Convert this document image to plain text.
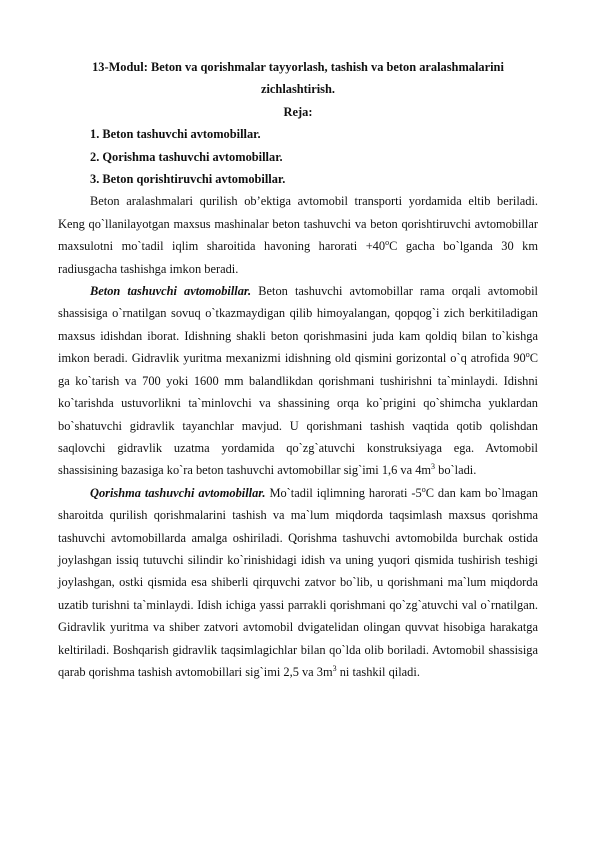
13-Modul: Beton va qorishmalar tayyorlash, tashish va beton aralashmalarini zichlashtirish.

Reja:

1. Beton tashuvchi avtomobillar.

2. Qorishma tashuvchi avtomobillar.

3. Beton qorishtiruvchi avtomobillar.

Beton aralashmalari qurilish ob’ektiga avtomobil transporti yordamida eltib beriladi. Keng qo`llanilayotgan maxsus mashinalar beton tashuvchi va beton qorishtiruvchi avtomobillar maxsulotni mo`tadil iqlim sharoitida havoning harorati $+40^oC$ gacha bo`lganda 30 km radiusgacha tashishga imkon beradi.

Beton tashuvchi avtomobillar. Beton tashuvchi avtomobillar rama orqali avtomobil shassisiga o`rnatilgan sovuq o`tkazmaydigan qilib himoyalangan, qopqog`i zich berkitiladigan maxsus idishdan iborat. Idishning shakli beton qorishmasini juda kam qoldiq bilan to`kishga imkon beradi. Gidravlik yuritma mexanizmi idishning old qismini gorizontal o`q atrofida 90$^o$C ga ko`tarish va 700 yoki 1600 mm balandlikdan qorishmani tushirishni ta`minlaydi. Idishni ko`tarishda ustuvorlikni ta`minlovchi va shassining orqa ko`prigini qo`shimcha yuklardan bo`shatuvchi gidravlik tayanchlar mavjud. U qorishmani tashish vaqtida qotib qolishdan saqlovchi gidravlik uzatma yordamida qo`zg`atuvchi konstruksiyaga ega. Avtomobil shassisining bazasiga ko`ra beton tashuvchi avtomobillar sig`imi 1,6 va $4m^3$ bo`ladi.

Qorishma tashuvchi avtomobillar. Mo`tadil iqlimning harorati -5$^o$C dan kam bo`lmagan sharoitda qurilish qorishmalarini tashish va ma`lum miqdorda taqsimlash maxsus qorishma tashuvchi avtomobillarda amalga oshiriladi. Qorishma tashuvchi avtomobilda burchak ostida joylashgan issiq tutuvchi silindir ko`rinishidagi idish va uning yuqori qismida tushirish teshigi joylashgan, ostki qismida esa shiberli qirquvchi zatvor bo`lib, u qorishmani ma`lum miqdorda uzatib turishni ta`minlaydi. Idish ichiga yassi parrakli qorishmani qo`zg`atuvchi val o`rnatilgan. Gidravlik yuritma va shiber zatvori avtomobil dvigatelidan olingan quvvat hisobiga harakatga keltiriladi. Boshqarish gidravlik taqsimlagichlar bilan qo`lda olib boriladi. Avtomobil shassisiga qarab qorishma tashish avtomobillari sig`imi 2,5 va $3m^3$ ni tashkil qiladi.
